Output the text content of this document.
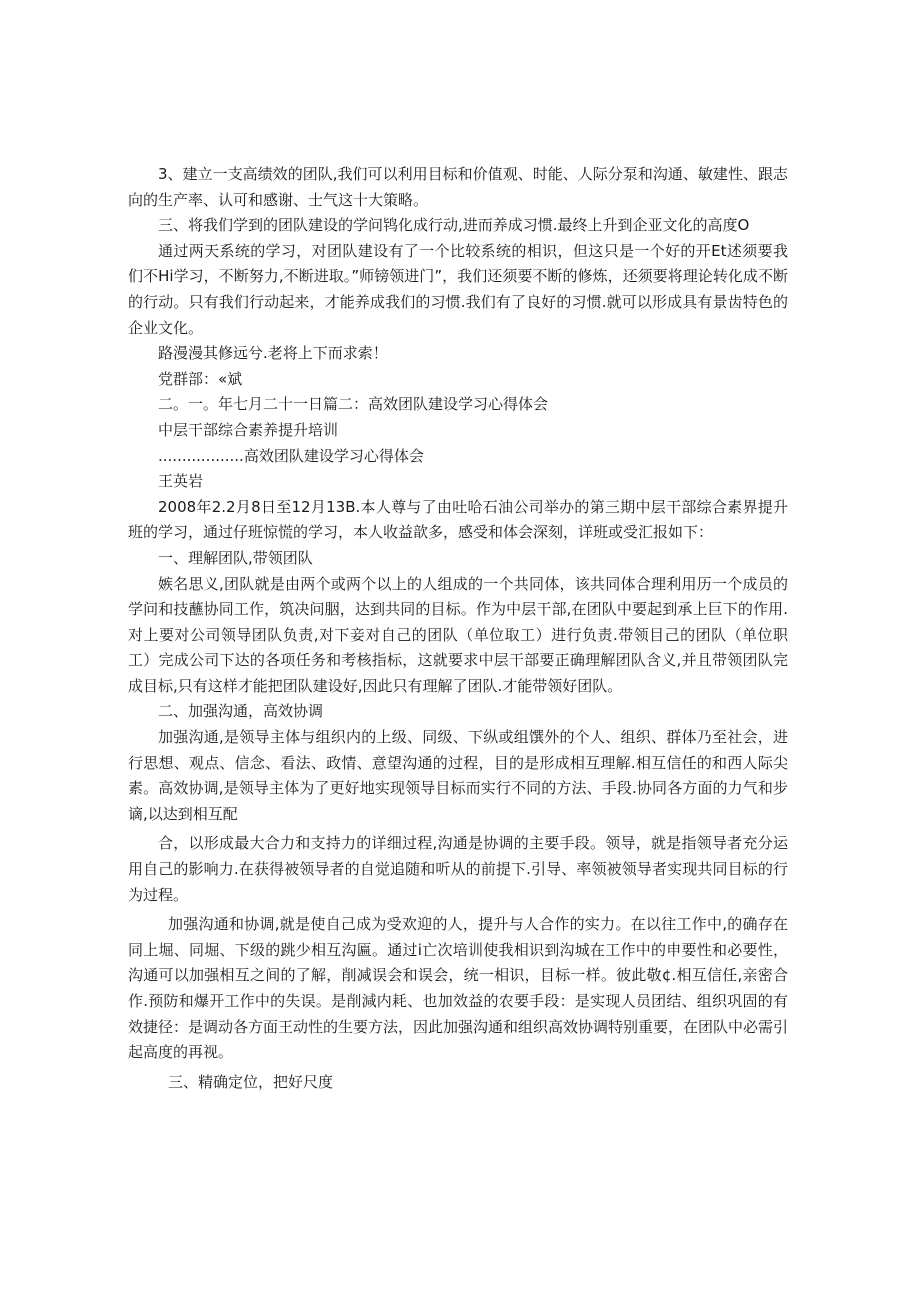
3、建立一支高绩效的团队,我们可以利用目标和价值观、时能、人际分泵和沟通、敏建性、跟志向的生产率、认可和感谢、士气这十大策略。

三、将我们学到的团队建设的学问鸨化成行动,进而养成习惯.最终上升到企亚文化的高度O

通过两天系统的学习，对团队建设有了一个比较系统的相识，但这只是一个好的开Et述须要我们不Hi学习，不断努力,不断进取。”师镑领进门”，我们还须要不断的修炼，还须要将理论转化成不断的行动。只有我们行动起来，才能养成我们的习惯.我们有了良好的习惯.就可以形成具有景齿特色的企业文化。

路漫漫其修远兮.老将上下而求索！

党群部：«斌

二。一。年七月二十一日篇二：高效团队建设学习心得体会

中层干部综合素养提升培训

..................高效团队建设学习心得体会

王英岩

2008年2.2月8日至12月13B.本人尊与了由吐哈石油公司举办的第三期中层干部综合素界提升班的学习，通过仔班惊慌的学习，本人收益歆多，感受和体会深刻，详班或受汇报如下：

一、理解团队,带领团队

嫉名思义,团队就是由两个或两个以上的人组成的一个共同体，该共同体合理利用历一个成员的学问和技蘸协同工作，筑决问胭，达到共同的目标。作为中层干部,在团队中要起到承上巨下的作用.对上要对公司领导团队负责,对下妾对自己的团队（单位取工）进行负责.带领目己的团队（单位职工）完成公司下达的各项任务和考核指标，这就要求中层干部要正确理解团队含义,并且带领团队完成目标,只有这样才能把团队建设好,因此只有理解了团队.才能带领好团队。

二、加强沟通，高效协调

加强沟通,是领导主体与组织内的上级、同级、下纵或组馔外的个人、组织、群体乃至社会，进行思想、观点、信念、看法、政情、意望沟通的过程，目的是形成相互理解.相互信任的和西人际尖素。高效协调,是领导主体为了更好地实现领导目标而实行不同的方法、手段.协同各方面的力气和步谪,以达到相互配

合，以形成最大合力和支持力的详细过程,沟通是协调的主要手段。领导，就是指领导者充分运用自己的影响力.在获得被领导者的自觉追随和听从的前提下.引导、率领被领导者实现共同目标的行为过程。

加强沟通和协调,就是使自己成为受欢迎的人，提升与人合作的实力。在以往工作中,的确存在同上堀、同堀、下级的跳少相互沟匾。通过i亡次培训使我相识到沟城在工作中的申要性和必要性，沟通可以加强相互之间的了解，削减误会和误会，统一相识，目标一样。彼此敬¢.相互信任,亲密合作.预防和爆开工作中的失误。是削減内耗、也加效益的农要手段：是实现人员团结、组织巩固的有效捷径：是调动各方面王动性的生要方法，因此加强沟通和组织高效协调特别重要，在团队中必需引起高度的再视。

三、精确定位，把好尺度
